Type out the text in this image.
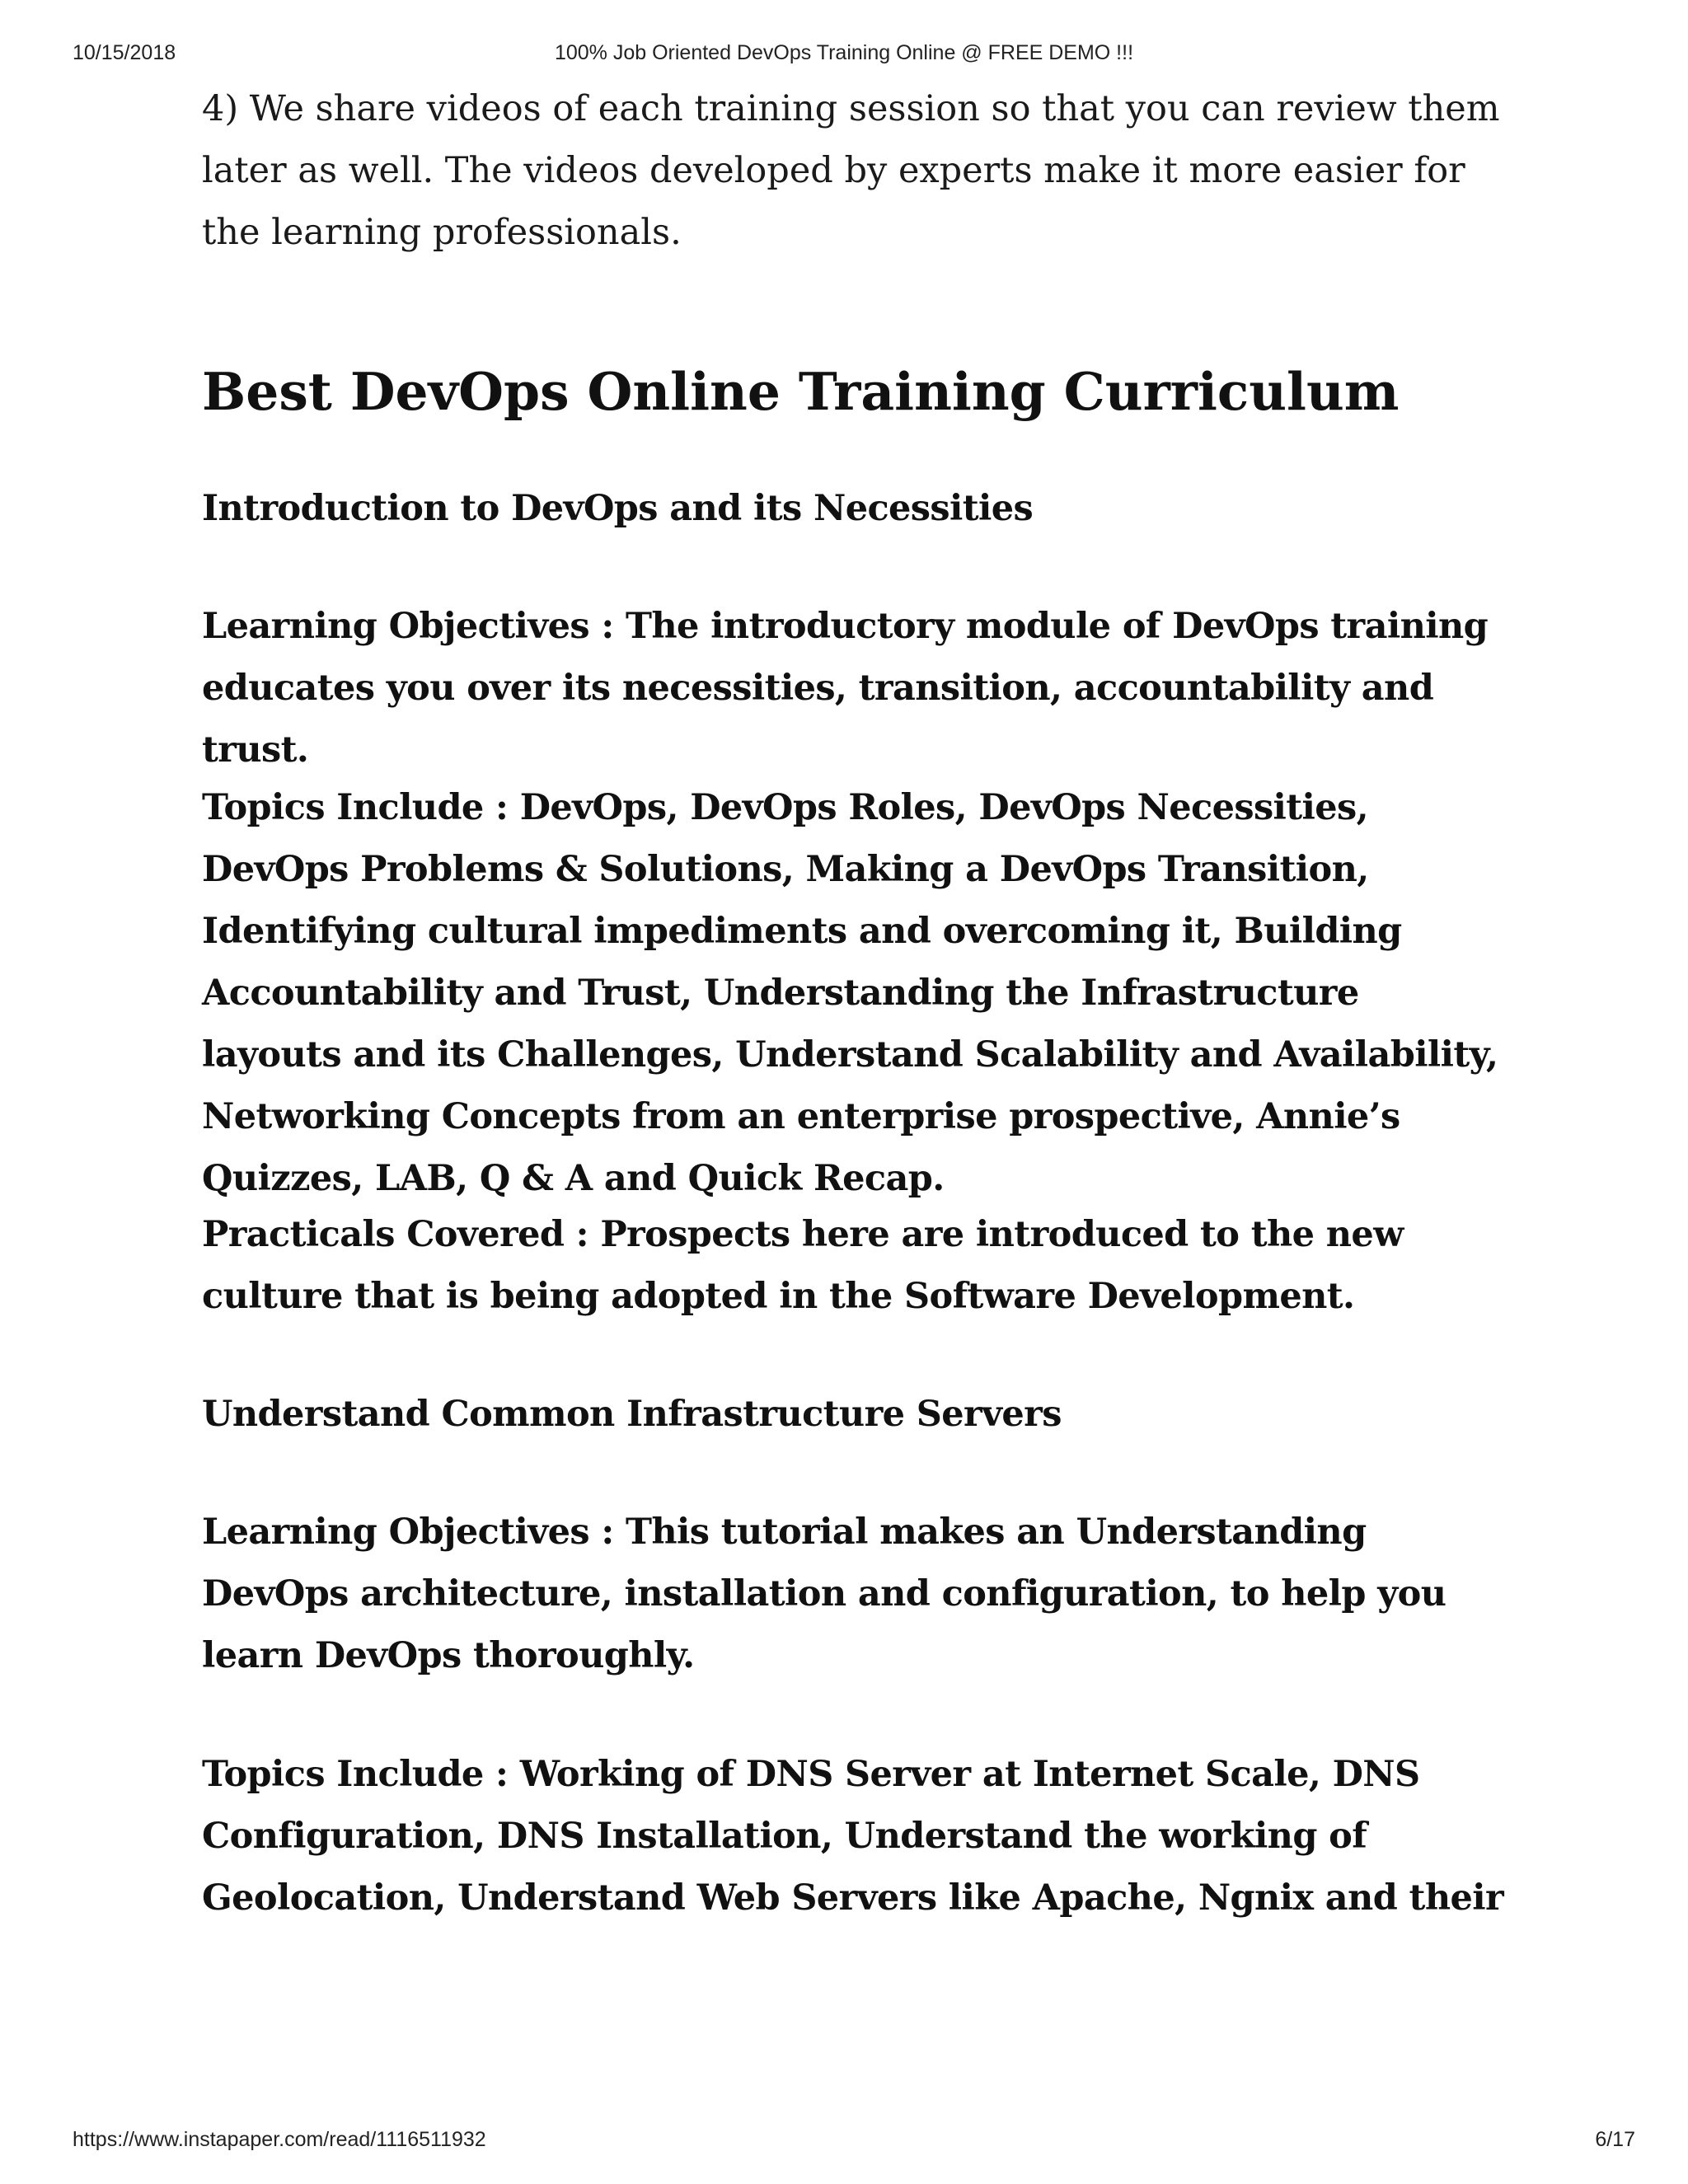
10/15/2018	100% Job Oriented DevOps Training Online @ FREE DEMO !!!

4) We share videos of each training session so that you can review them later as well. The videos developed by experts make it more easier for the learning professionals.

Best DevOps Online Training Curriculum

Introduction to DevOps and its Necessities

Learning Objectives : The introductory module of DevOps training educates you over its necessities, transition, accountability and trust.

Topics Include : DevOps, DevOps Roles, DevOps Necessities, DevOps Problems & Solutions, Making a DevOps Transition, Identifying cultural impediments and overcoming it, Building Accountability and Trust, Understanding the Infrastructure layouts and its Challenges, Understand Scalability and Availability, Networking Concepts from an enterprise prospective, Annie’s Quizzes, LAB, Q & A and Quick Recap.

Practicals Covered : Prospects here are introduced to the new culture that is being adopted in the Software Development.

Understand Common Infrastructure Servers

Learning Objectives : This tutorial makes an Understanding DevOps architecture, installation and configuration, to help you learn DevOps thoroughly.

Topics Include : Working of DNS Server at Internet Scale, DNS Configuration, DNS Installation, Understand the working of Geolocation, Understand Web Servers like Apache, Ngnix and their

https://www.instapaper.com/read/1116511932	6/17
